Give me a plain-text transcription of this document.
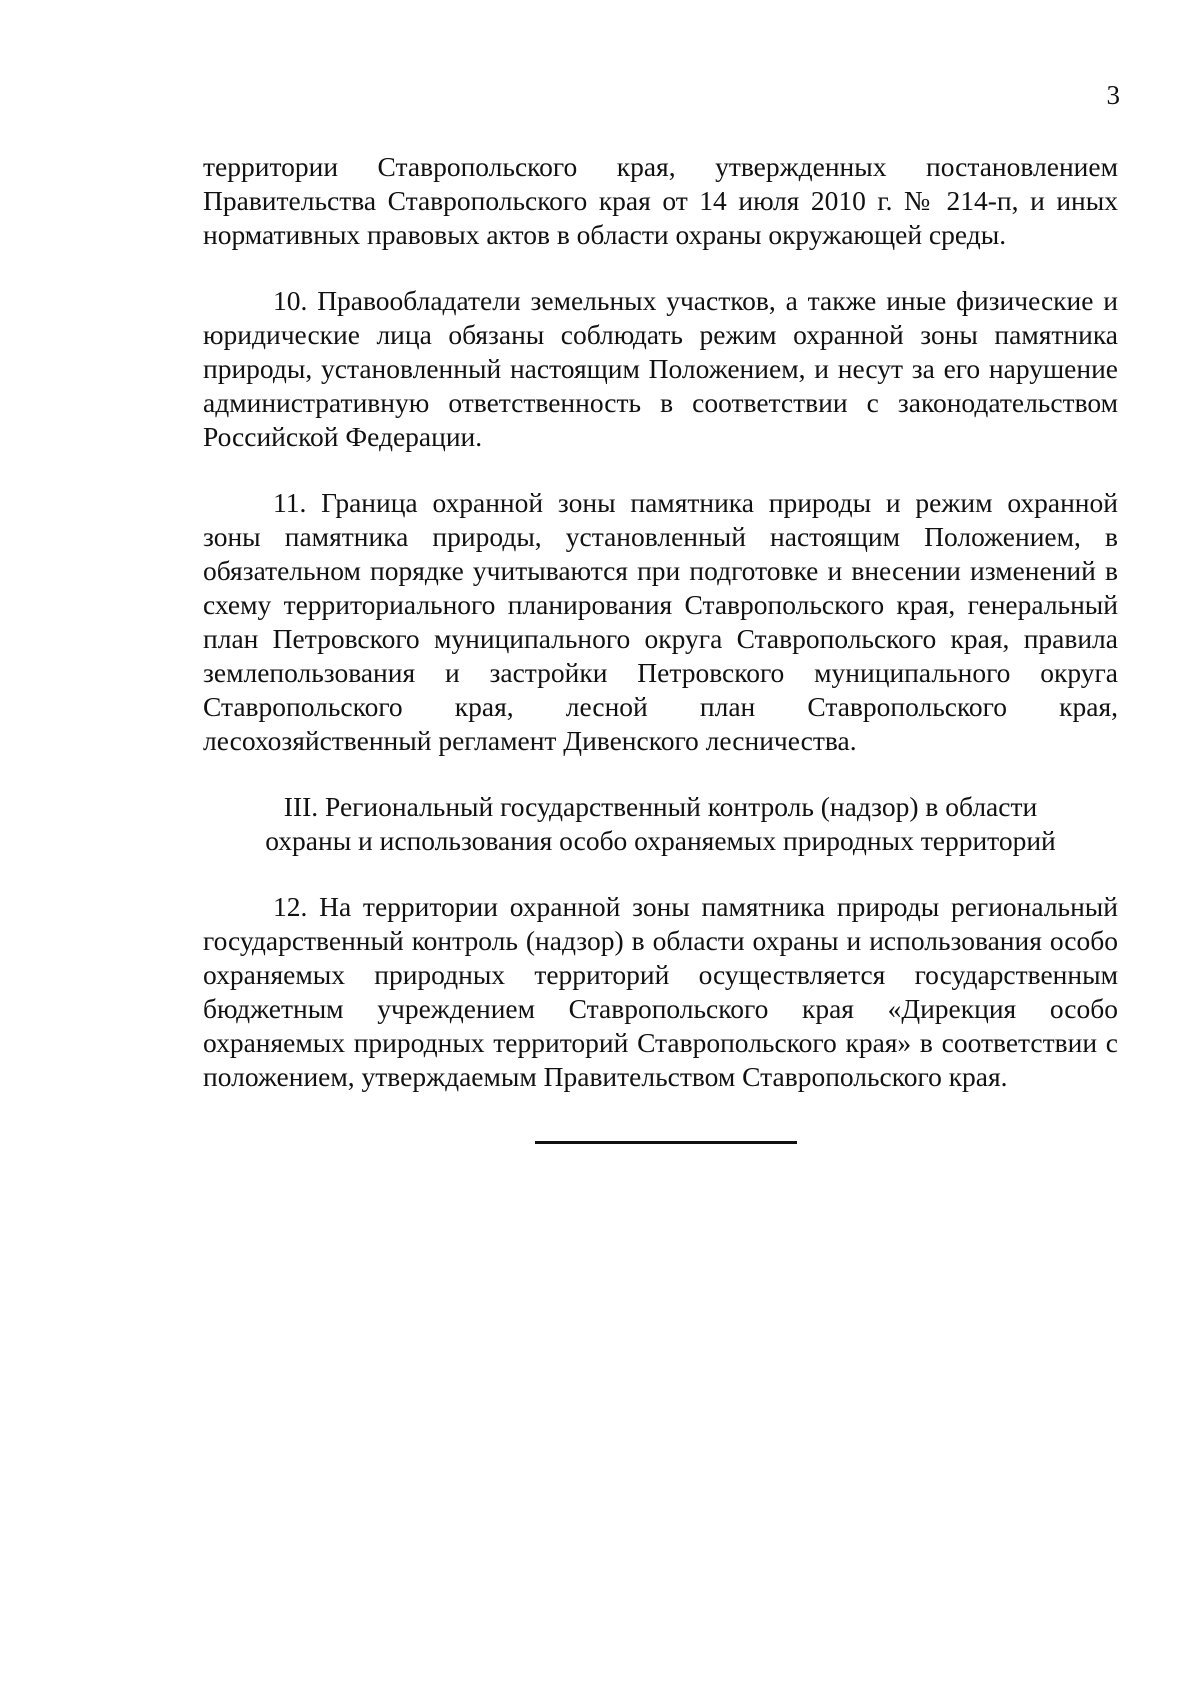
3

территории Ставропольского края, утвержденных постановлением Правительства Ставропольского края от 14 июля 2010 г. № 214-п, и иных нормативных правовых актов в области охраны окружающей среды.

10. Правообладатели земельных участков, а также иные физические и юридические лица обязаны соблюдать режим охранной зоны памятника природы, установленный настоящим Положением, и несут за его нарушение административную ответственность в соответствии с законодательством Российской Федерации.

11. Граница охранной зоны памятника природы и режим охранной зоны памятника природы, установленный настоящим Положением, в обязательном порядке учитываются при подготовке и внесении изменений в схему территориального планирования Ставропольского края, генеральный план Петровского муниципального округа Ставропольского края, правила землепользования и застройки Петровского муниципального округа Ставропольского края, лесной план Ставропольского края, лесохозяйственный регламент Дивенского лесничества.

III. Региональный государственный контроль (надзор) в области
охраны и использования особо охраняемых природных территорий

12. На территории охранной зоны памятника природы региональный государственный контроль (надзор) в области охраны и использования особо охраняемых природных территорий осуществляется государственным бюджетным учреждением Ставропольского края «Дирекция особо охраняемых природных территорий Ставропольского края» в соответствии с положением, утверждаемым Правительством Ставропольского края.
